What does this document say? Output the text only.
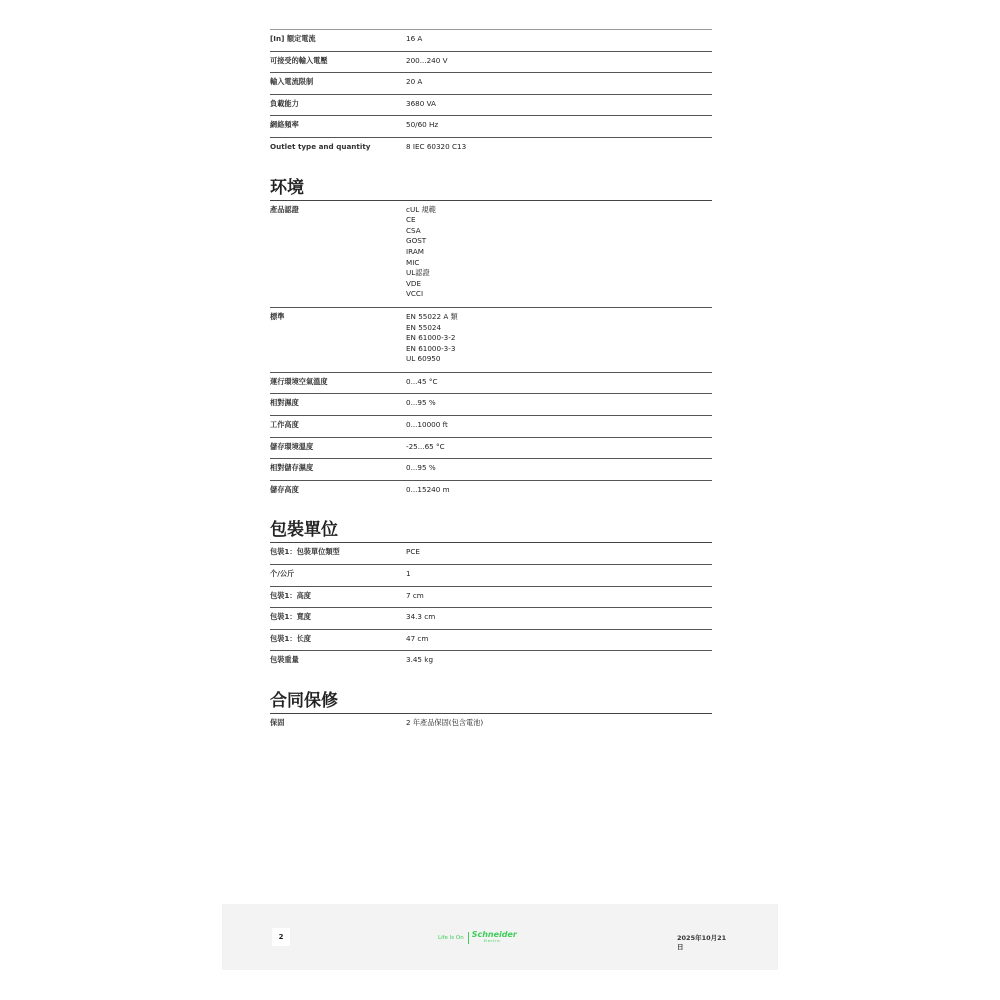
[In] 額定電流	16 A
可接受的輸入電壓	200...240 V
輸入電流限制	20 A
負載能力	3680 VA
網絡頻率	50/60 Hz
Outlet type and quantity	8 IEC 60320 C13
环境
產品認證	cUL 規範
CE
CSA
GOST
IRAM
MIC
UL認證
VDE
VCCI
標準	EN 55022 A 類
EN 55024
EN 61000-3-2
EN 61000-3-3
UL 60950
運行環境空氣溫度	0...45 °C
相對濕度	0...95 %
工作高度	0...10000 ft
儲存環境溫度	-25...65 °C
相對儲存濕度	0...95 %
儲存高度	0...15240 m
包裝單位
包裝1：包裝單位類型	PCE
个/公斤	1
包裝1：高度	7 cm
包裝1：寬度	34.3 cm
包裝1：长度	47 cm
包裝重量	3.45 kg
合同保修
保固	2 年產品保固(包含電池)
2	Life Is On Schneider
Electric	2025年10月21日
